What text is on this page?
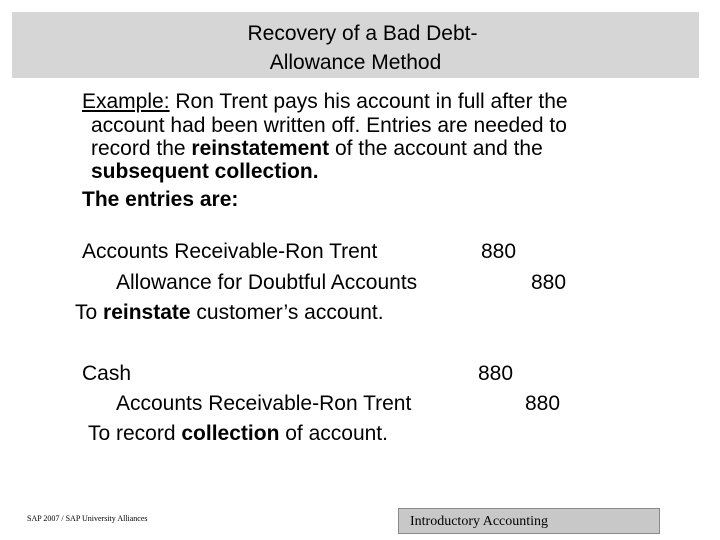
Recovery of a Bad Debt-
Allowance Method
Example: Ron Trent pays his account in full after the
account had been written off. Entries are needed to
record the reinstatement of the account and the
subsequent collection.
The entries are:
Accounts Receivable-Ron Trent	880
Allowance for Doubtful Accounts	880
To reinstate customer’s account.
Cash	880
Accounts Receivable-Ron Trent	880
To record collection of account.
SAP 2007 / SAP University Alliances	Introductory Accounting
